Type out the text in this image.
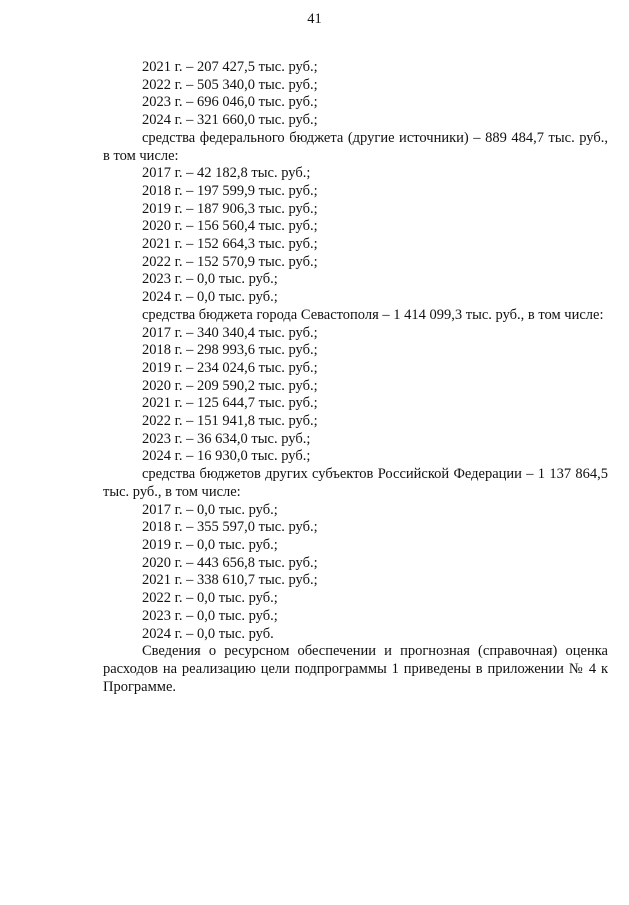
41
2021 г. – 207 427,5 тыс. руб.;
2022 г. – 505 340,0 тыс. руб.;
2023 г. – 696 046,0 тыс. руб.;
2024 г. – 321 660,0 тыс. руб.;
средства федерального бюджета (другие источники) – 889 484,7 тыс. руб., в том числе:
2017 г. – 42 182,8 тыс. руб.;
2018 г. – 197 599,9 тыс. руб.;
2019 г. – 187 906,3 тыс. руб.;
2020 г. – 156 560,4 тыс. руб.;
2021 г. – 152 664,3 тыс. руб.;
2022 г. – 152 570,9 тыс. руб.;
2023 г. – 0,0 тыс. руб.;
2024 г. – 0,0 тыс. руб.;
средства бюджета города Севастополя – 1 414 099,3 тыс. руб., в том числе:
2017 г. – 340 340,4 тыс. руб.;
2018 г. – 298 993,6 тыс. руб.;
2019 г. – 234 024,6 тыс. руб.;
2020 г. – 209 590,2 тыс. руб.;
2021 г. – 125 644,7 тыс. руб.;
2022 г. – 151 941,8 тыс. руб.;
2023 г. – 36 634,0 тыс. руб.;
2024 г. – 16 930,0 тыс. руб.;
средства бюджетов других субъектов Российской Федерации – 1 137 864,5 тыс. руб., в том числе:
2017 г. – 0,0 тыс. руб.;
2018 г. – 355 597,0 тыс. руб.;
2019 г. – 0,0 тыс. руб.;
2020 г. – 443 656,8 тыс. руб.;
2021 г. – 338 610,7 тыс. руб.;
2022 г. – 0,0 тыс. руб.;
2023 г. – 0,0 тыс. руб.;
2024 г. – 0,0 тыс. руб.
Сведения о ресурсном обеспечении и прогнозная (справочная) оценка расходов на реализацию цели подпрограммы 1 приведены в приложении № 4 к Программе.
